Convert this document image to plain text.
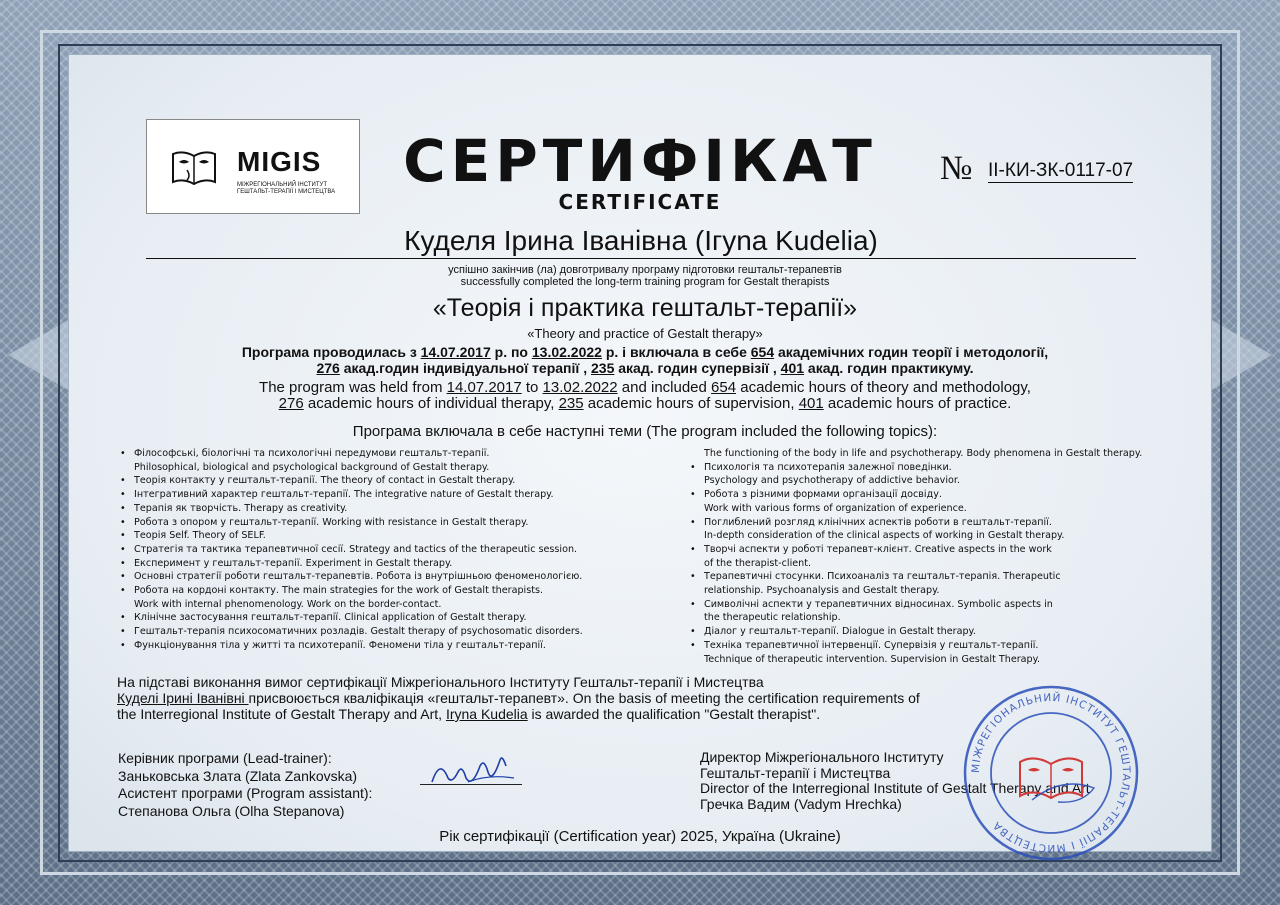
MIGIS
МІЖРЕГІОНАЛЬНИЙ ІНСТИТУТ ГЕШТАЛЬТ-ТЕРАПІЇ І МИСТЕЦТВА	СЕРТИФІКАТ
CERTIFICATE
№ ІІ-КИ-ЗК-0117-07
Куделя Ірина Іванівна (Iгуna Kudelia)
успішно закінчив (ла) довготривалу програму підготовки гештальт-терапевтів
successfully completed the long-term training program for Gestalt therapists
«Теорія і практика гештальт-терапії»
«Theory and practice of Gestalt therapy»
Програма проводилась з 14.07.2017 р. по 13.02.2022 р. і включала в себе 654 академічних годин теорії і методології,
276 акад.годин індивідуальної терапії , 235 акад. годин супервізії , 401 акад. годин практикуму.
The program was held from 14.07.2017 to 13.02.2022 and included 654 academic hours of theory and methodology,
276 academic hours of individual therapy, 235 academic hours of supervision, 401 academic hours of practice.
Програма включала в себе наступні теми (The program included the following topics):
• Філософські, біологічні та психологічні передумови гештальт-терапії.
Philosophical, biological and psychological background of Gestalt therapy.
• Теорія контакту у гештальт-терапії. The theory of contact in Gestalt therapy.
• Інтегративний характер гештальт-терапії. The integrative nature of Gestalt therapy.
• Терапія як творчість. Therapy as creativity.
• Робота з опором у гештальт-терапії. Working with resistance in Gestalt therapy.
• Теорія Self. Theory of SELF.
• Стратегія та тактика терапевтичної сесії. Strategy and tactics of the therapeutic session.
• Експеримент у гештальт-терапії. Experiment in Gestalt therapy.
• Основні стратегії роботи гештальт-терапевтів. Робота із внутрішньою феноменологією.
• Робота на кордоні контакту. The main strategies for the work of Gestalt therapists.
Work with internal phenomenology. Work on the border-contact.
• Клінічне застосування гештальт-терапії. Clinical application of Gestalt therapy.
• Гештальт-терапія психосоматичних розладів. Gestalt therapy of psychosomatic disorders.
• Функціонування тіла у житті та психотерапії. Феномени тіла у гештальт-терапії.
The functioning of the body in life and psychotherapy. Body phenomena in Gestalt therapy.
• Психологія та психотерапія залежної поведінки.
Psychology and psychotherapy of addictive behavior.
• Робота з різними формами організації досвіду.
Work with various forms of organization of experience.
• Поглиблений розгляд клінічних аспектів роботи в гештальт-терапії.
In-depth consideration of the clinical aspects of working in Gestalt therapy.
• Творчі аспекти у роботі терапевт-клієнт. Creative aspects in the work
of the therapist-client.
• Терапевтичні стосунки. Психоаналіз та гештальт-терапія. Therapeutic
relationship. Psychoanalysis and Gestalt therapy.
• Символічні аспекти у терапевтичних відносинах. Symbolic aspects in
the therapeutic relationship.
• Діалог у гештальт-терапії. Dialogue in Gestalt therapy.
• Техніка терапевтичної інтервенції. Супервізія у гештальт-терапії.
Technique of therapeutic intervention. Supervision in Gestalt Therapy.
На підставі виконання вимог сертифікації Міжрегіонального Інституту Гештальт-терапії і Мистецтва
Куделі Ірині Іванівні присвоюється кваліфікація «гештальт-терапевт». On the basis of meeting the certification requirements of
the Interregional Institute of Gestalt Therapy and Art, Iryna Kudelia is awarded the qualification "Gestalt therapist".
Керівник програми (Lead-trainer):
Заньковська Злата (Zlata Zankovska)
Асистент програми (Program assistant):
Степанова Ольга (Olha Stepanova)
Директор Міжрегіонального Інституту
Гештальт-терапії і Мистецтва
Director of the Interregional Institute of Gestalt Therapy and Art
Гречка Вадим (Vadym Hrechka)
МІЖРЕГІОНАЛЬНИЙ ІНСТИТУТ ГЕШТАЛЬТ-ТЕРАПІЇ І МИСТЕЦТВА
Рік сертифікації (Certification year) 2025, Україна (Ukraine)
